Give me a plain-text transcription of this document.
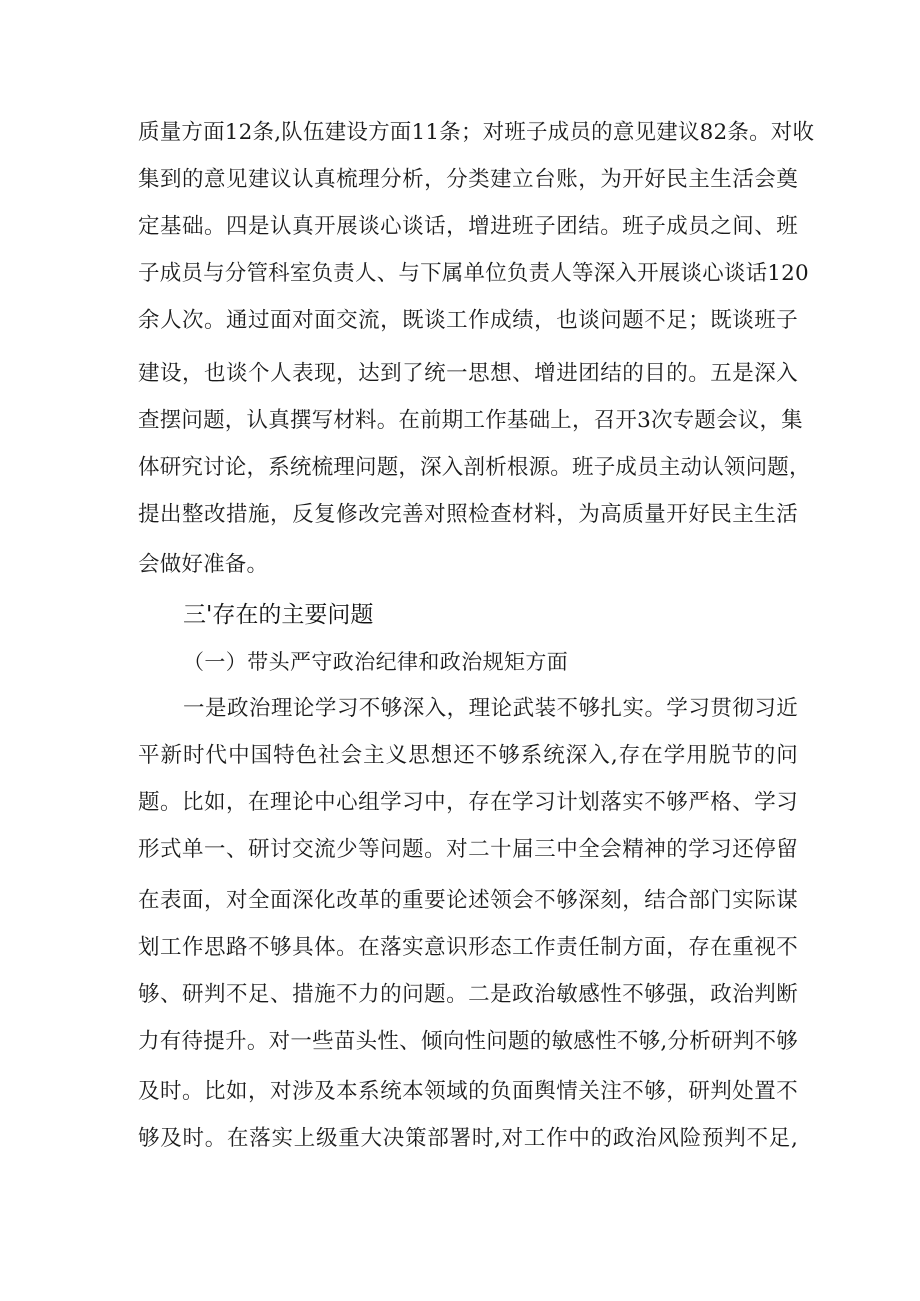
质量方面12条,队伍建设方面11条；对班子成员的意见建议82条。对收
集到的意见建议认真梳理分析，分类建立台账，为开好民主生活会奠
定基础。四是认真开展谈心谈话，增进班子团结。班子成员之间、班
子成员与分管科室负责人、与下属单位负责人等深入开展谈心谈话120
余人次。通过面对面交流，既谈工作成绩，也谈问题不足；既谈班子
建设，也谈个人表现，达到了统一思想、增进团结的目的。五是深入
查摆问题，认真撰写材料。在前期工作基础上，召开3次专题会议，集
体研究讨论，系统梳理问题，深入剖析根源。班子成员主动认领问题，
提出整改措施，反复修改完善对照检查材料，为高质量开好民主生活
会做好准备。
三'存在的主要问题
（一）带头严守政治纪律和政治规矩方面
一是政治理论学习不够深入，理论武装不够扎实。学习贯彻习近
平新时代中国特色社会主义思想还不够系统深入,存在学用脱节的问
题。比如，在理论中心组学习中，存在学习计划落实不够严格、学习
形式单一、研讨交流少等问题。对二十届三中全会精神的学习还停留
在表面，对全面深化改革的重要论述领会不够深刻，结合部门实际谋
划工作思路不够具体。在落实意识形态工作责任制方面，存在重视不
够、研判不足、措施不力的问题。二是政治敏感性不够强，政治判断
力有待提升。对一些苗头性、倾向性问题的敏感性不够,分析研判不够
及时。比如，对涉及本系统本领域的负面舆情关注不够，研判处置不
够及时。在落实上级重大决策部署时,对工作中的政治风险预判不足,
